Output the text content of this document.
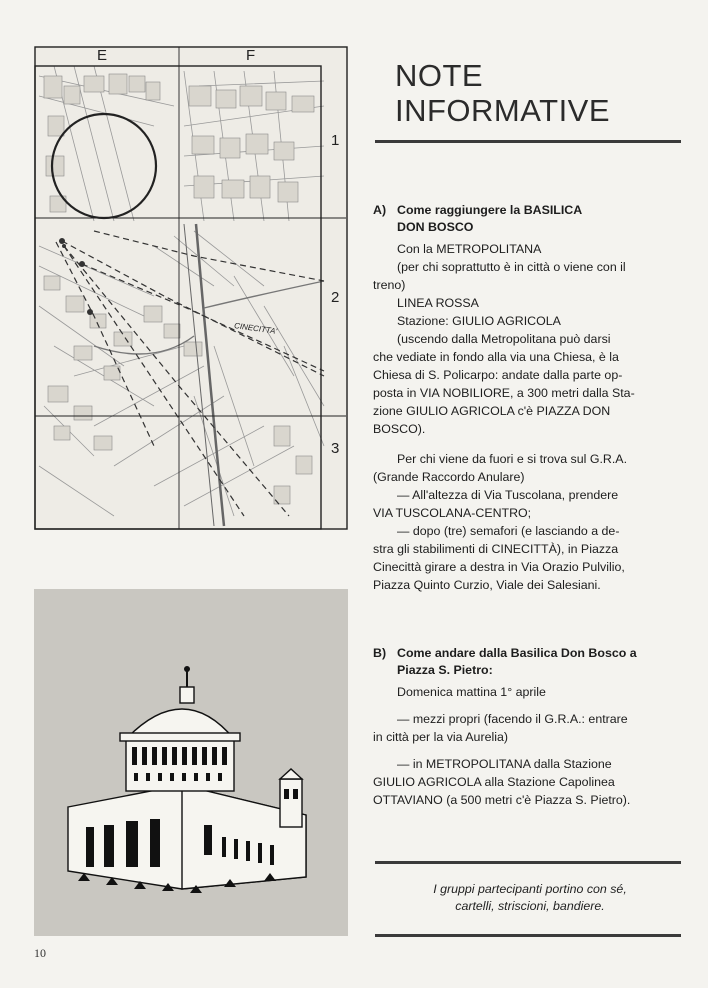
E	F
1
2
3
CINECITTA'
NOTE
INFORMATIVE
A) Come raggiungere la BASILICA
DON BOSCO

Con la METROPOLITANA

(per chi soprattutto è in città o viene con il

treno)

LINEA ROSSA

Stazione: GIULIO AGRICOLA

(uscendo dalla Metropolitana può darsi

che vediate in fondo alla via una Chiesa, è la

Chiesa di S. Policarpo: andate dalla parte op-

posta in VIA NOBILIORE, a 300 metri dalla Sta-

zione GIULIO AGRICOLA c'è PIAZZA DON

BOSCO).

Per chi viene da fuori e si trova sul G.R.A.

(Grande Raccordo Anulare)

— All'altezza di Via Tuscolana, prendere

VIA TUSCOLANA-CENTRO;

— dopo (tre) semafori (e lasciando a de-

stra gli stabilimenti di CINECITTÀ), in Piazza

Cinecittà girare a destra in Via Orazio Pulvilio,

Piazza Quinto Curzio, Viale dei Salesiani.

B) Come andare dalla Basilica Don Bosco a
Piazza S. Pietro:

Domenica mattina 1° aprile

— mezzi propri (facendo il G.R.A.: entrare

in città per la via Aurelia)

— in METROPOLITANA dalla Stazione

GIULIO AGRICOLA alla Stazione Capolinea

OTTAVIANO (a 500 metri c'è Piazza S. Pietro).

I gruppi partecipanti portino con sé,
cartelli, striscioni, bandiere.
10
